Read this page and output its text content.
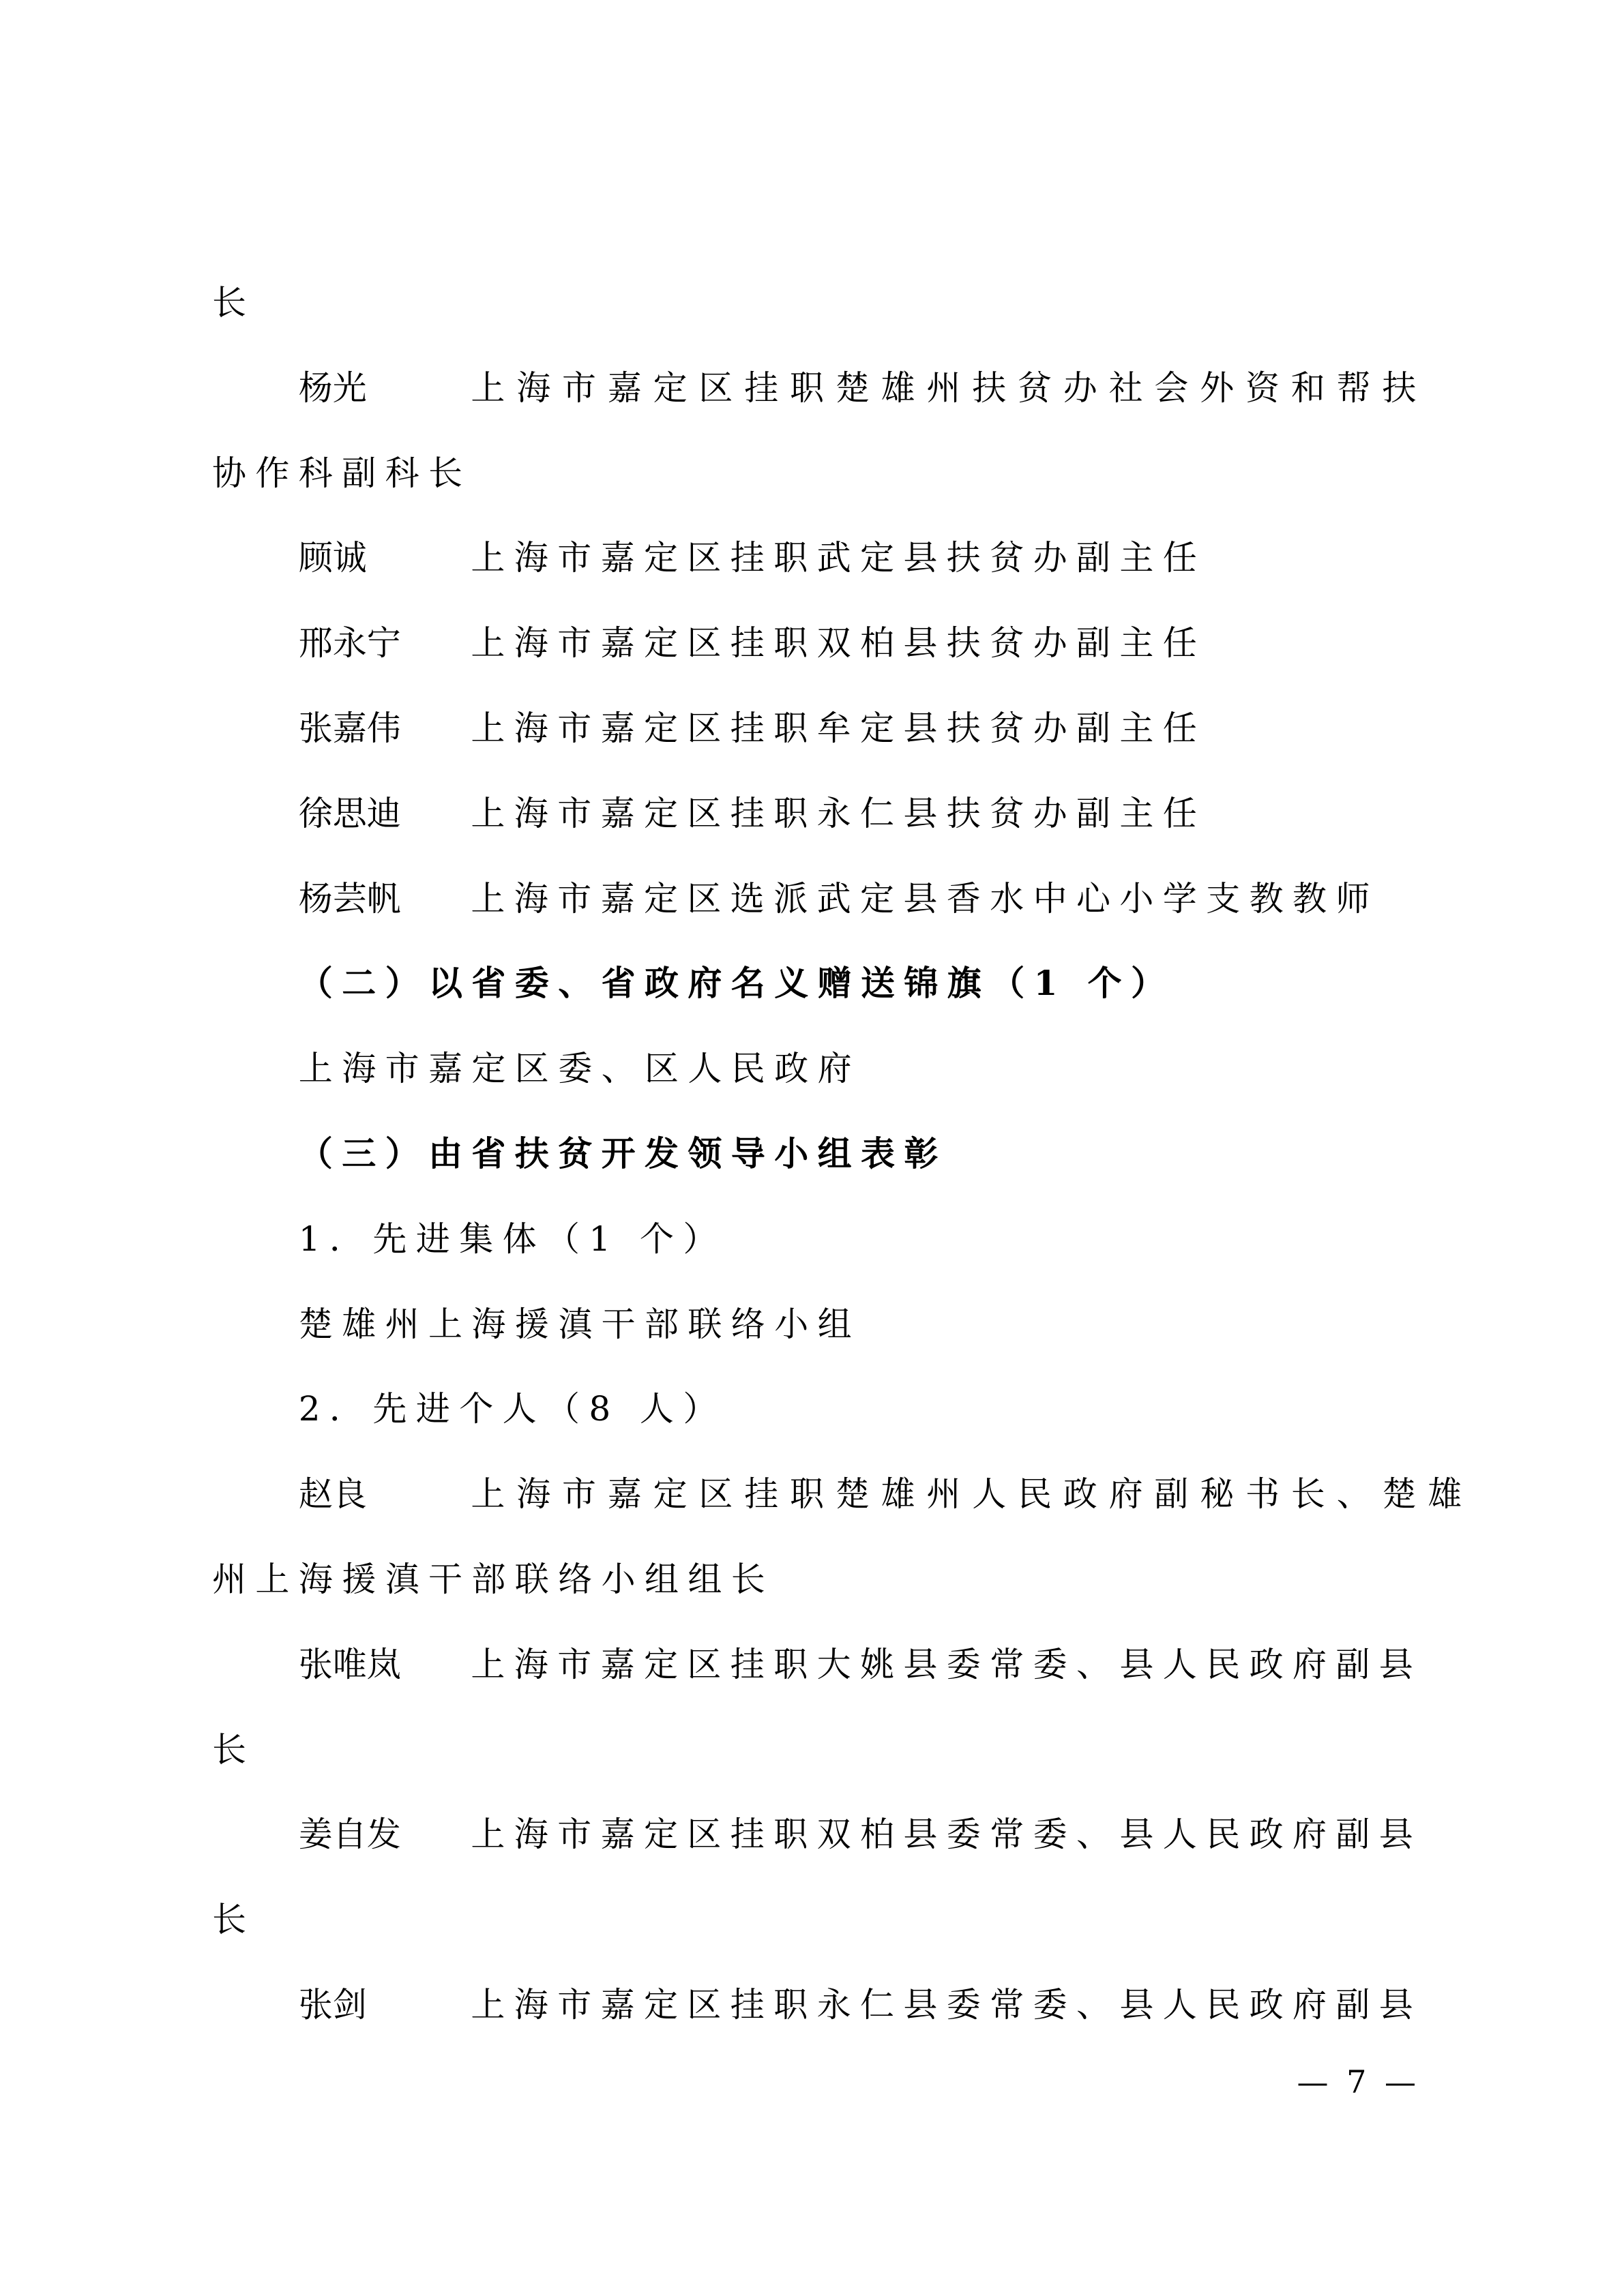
长
杨光	上海市嘉定区挂职楚雄州扶贫办社会外资和帮扶
协作科副科长
顾诚	上海市嘉定区挂职武定县扶贫办副主任
邢永宁 上海市嘉定区挂职双柏县扶贫办副主任
张嘉伟 上海市嘉定区挂职牟定县扶贫办副主任
徐思迪 上海市嘉定区挂职永仁县扶贫办副主任
杨芸帆 上海市嘉定区选派武定县香水中心小学支教教师
（二）以省委、省政府名义赠送锦旗（1 个）
上海市嘉定区委、区人民政府
（三）由省扶贫开发领导小组表彰
1．先进集体（1 个）
楚雄州上海援滇干部联络小组
2．先进个人（8 人）
赵良	上海市嘉定区挂职楚雄州人民政府副秘书长、楚雄
州上海援滇干部联络小组组长
张唯岚 上海市嘉定区挂职大姚县委常委、县人民政府副县
长
姜自发 上海市嘉定区挂职双柏县委常委、县人民政府副县
长
张剑	上海市嘉定区挂职永仁县委常委、县人民政府副县
— 7 —
